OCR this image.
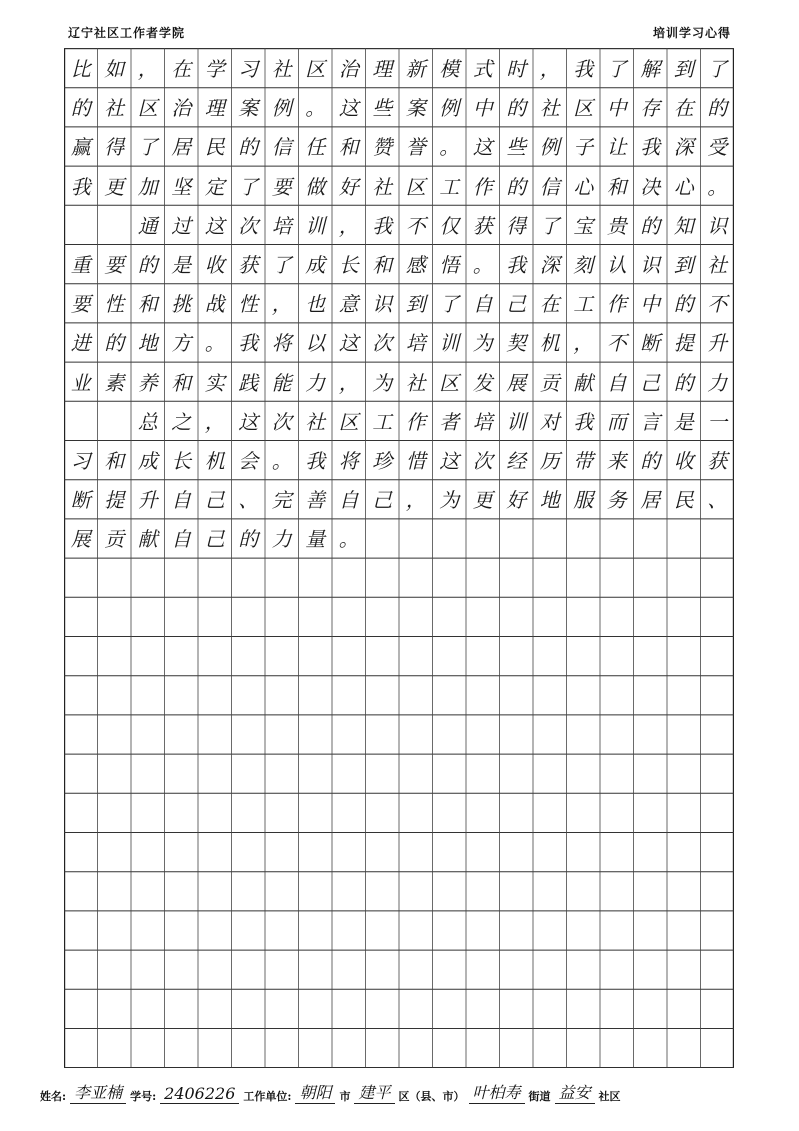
辽宁社区工作者学院	培训学习心得
比 如 ， 在 学 习 社 区 治 理 新 模 式 时 ， 我 了 解 到 了
的 社 区 治 理 案 例 。 这 些 案 例 中 的 社 区 中 存 在 的
赢 得 了 居 民 的 信 任 和 赞 誉 。 这 些 例 子 让 我 深 受
我 更 加 坚 定 了 要 做 好 社 区 工 作 的 信 心 和 决 心 。

通 过 这 次 培 训 ， 我 不 仅 获 得 了 宝 贵 的 知 识
重 要 的 是 收 获 了 成 长 和 感 悟 。 我 深 刻 认 识 到 社
要 性 和 挑 战 性 ， 也 意 识 到 了 自 己 在 工 作 中 的 不
进 的 地 方 。 我 将 以 这 次 培 训 为 契 机 ， 不 断 提 升
业 素 养 和 实 践 能 力 ， 为 社 区 发 展 贡 献 自 己 的 力

总 之 ， 这 次 社 区 工 作 者 培 训 对 我 而 言 是 一
习 和 成 长 机 会 。 我 将 珍 惜 这 次 经 历 带 来 的 收 获
断 提 升 自 己 、 完 善 自 己 ， 为 更 好 地 服 务 居 民 、
展 贡 献 自 己 的 力 量 。
姓名: 李亚楠 学号: 2406226 工作单位: 朝阳 市 建平 区（县、市） 叶柏寿 街道 益安 社区
